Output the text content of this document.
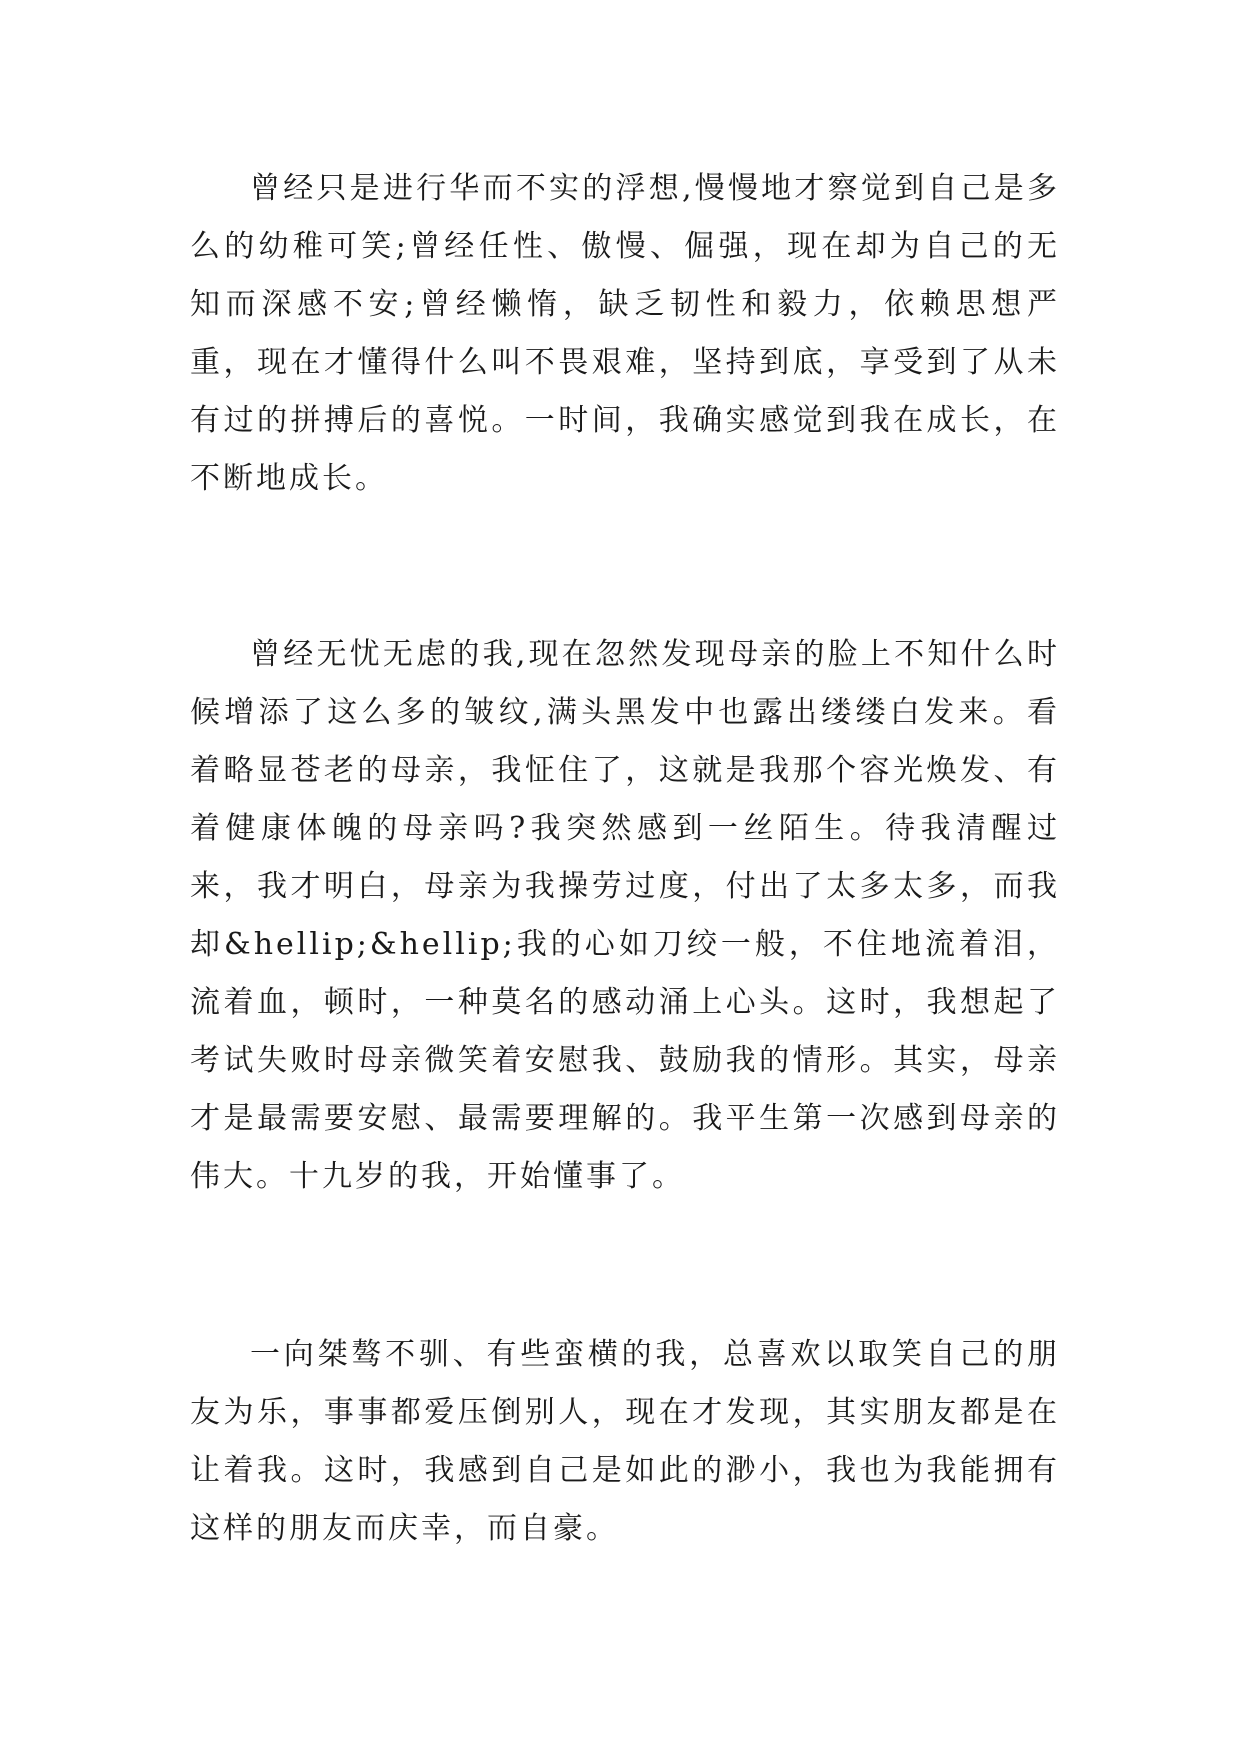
曾经只是进行华而不实的浮想,慢慢地才察觉到自己是多么的幼稚可笑;曾经任性、傲慢、倔强，现在却为自己的无知而深感不安;曾经懒惰，缺乏韧性和毅力，依赖思想严重，现在才懂得什么叫不畏艰难，坚持到底，享受到了从未有过的拼搏后的喜悦。一时间，我确实感觉到我在成长，在不断地成长。

曾经无忧无虑的我,现在忽然发现母亲的脸上不知什么时候增添了这么多的皱纹,满头黑发中也露出缕缕白发来。看着略显苍老的母亲，我怔住了，这就是我那个容光焕发、有着健康体魄的母亲吗?我突然感到一丝陌生。待我清醒过来，我才明白，母亲为我操劳过度，付出了太多太多，而我却&hellip;&hellip;我的心如刀绞一般，不住地流着泪，流着血，顿时，一种莫名的感动涌上心头。这时，我想起了考试失败时母亲微笑着安慰我、鼓励我的情形。其实，母亲才是最需要安慰、最需要理解的。我平生第一次感到母亲的伟大。十九岁的我，开始懂事了。

一向桀骜不驯、有些蛮横的我，总喜欢以取笑自己的朋友为乐，事事都爱压倒别人，现在才发现，其实朋友都是在让着我。这时，我感到自己是如此的渺小，我也为我能拥有这样的朋友而庆幸，而自豪。
